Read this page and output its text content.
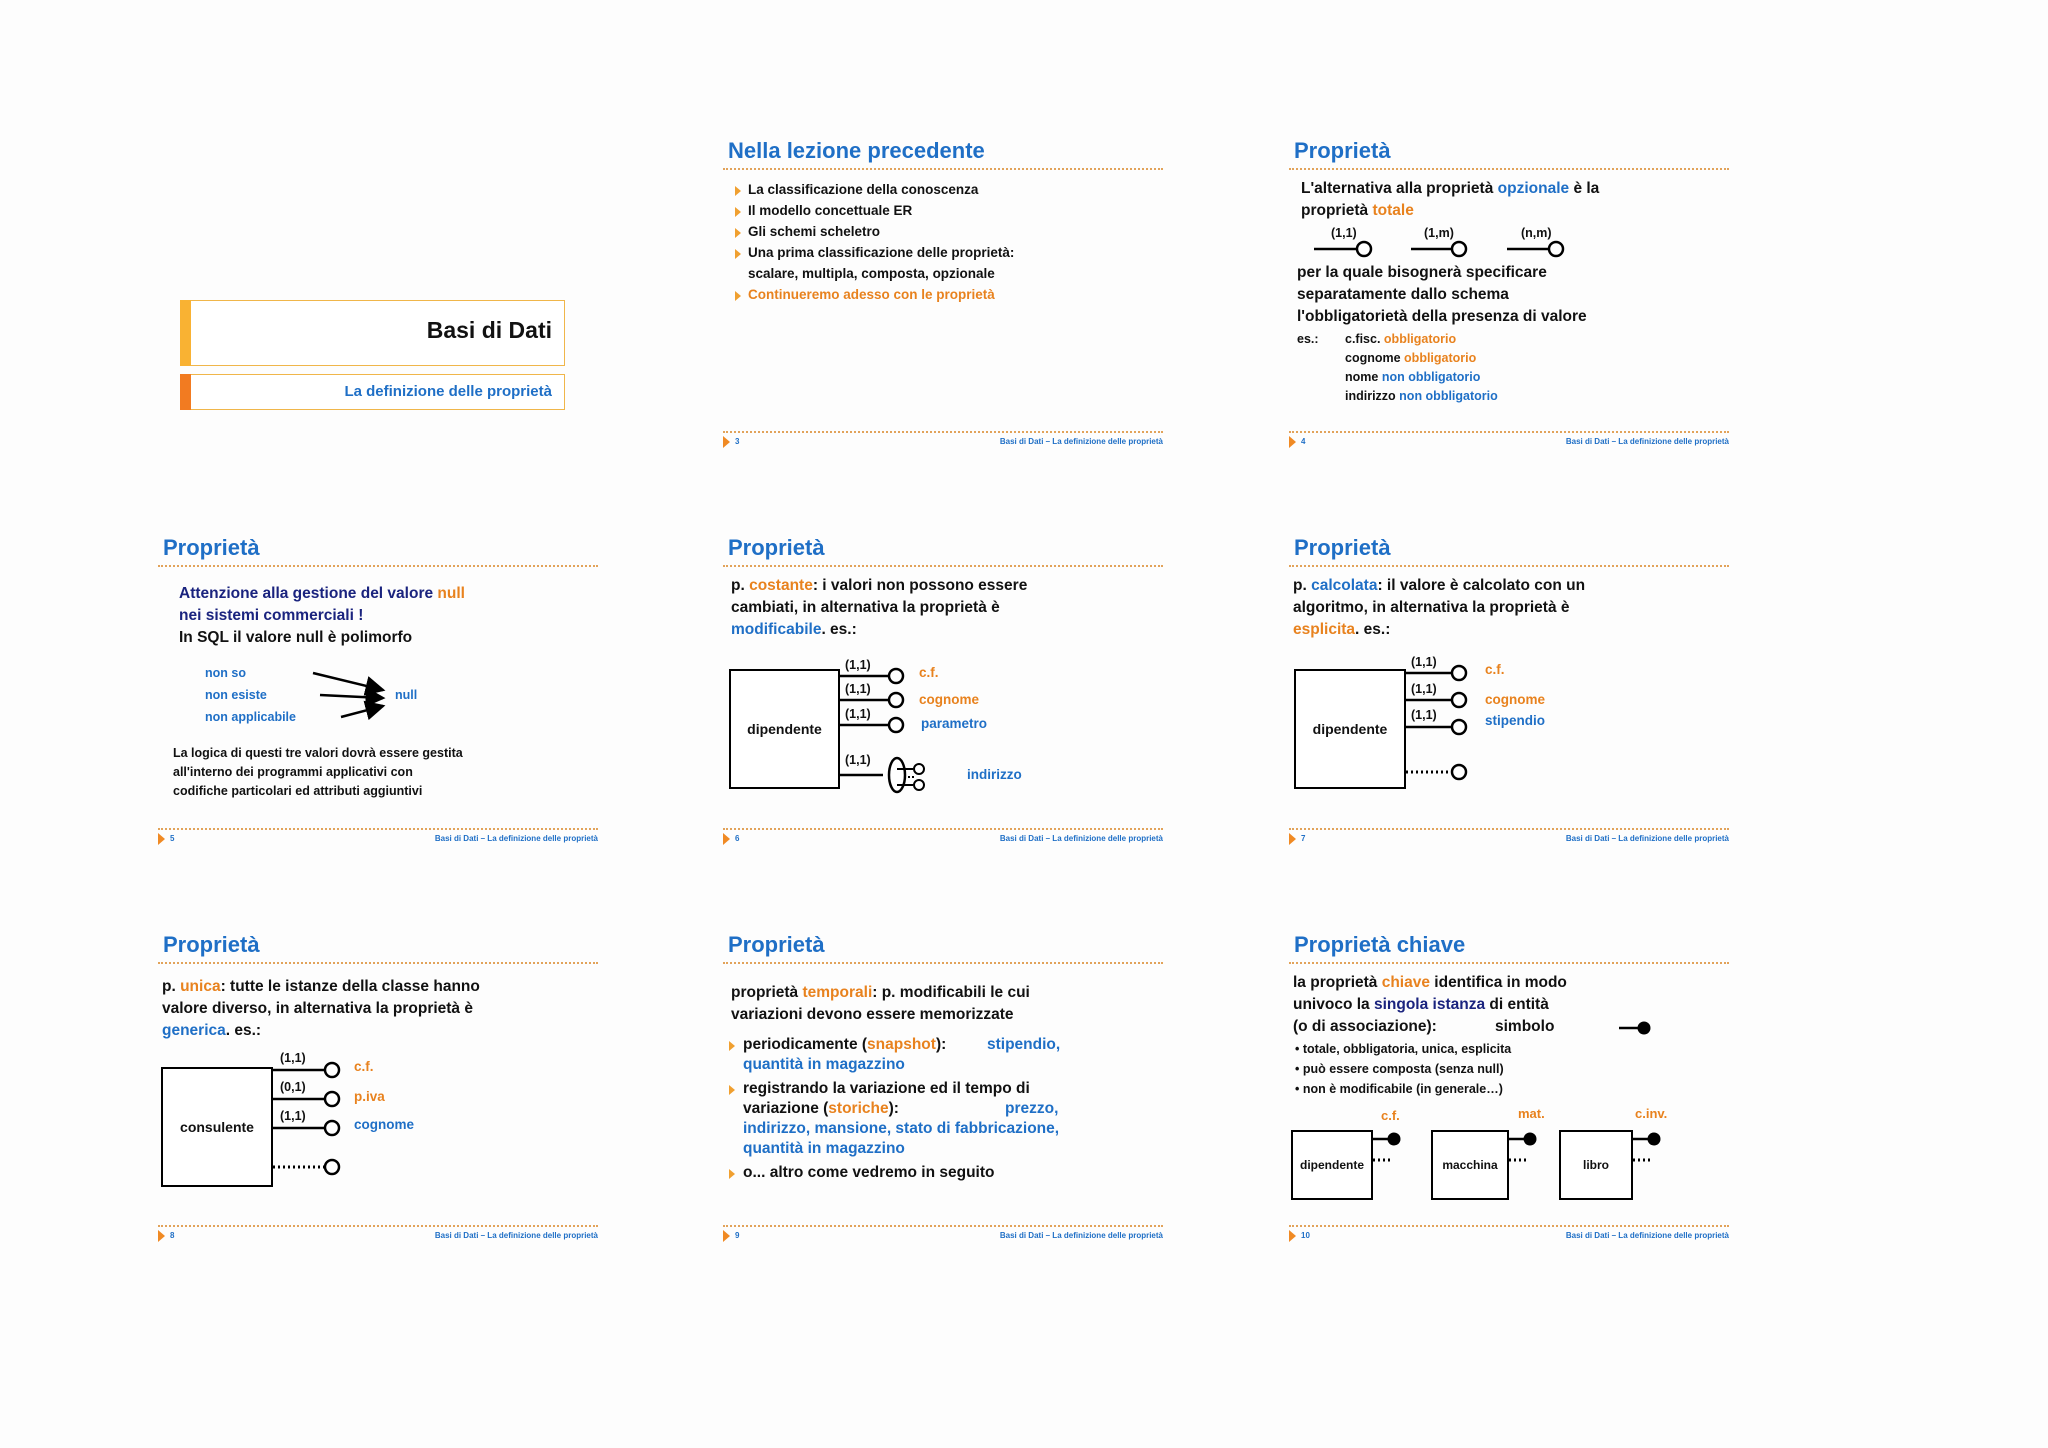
Basi di Dati
La definizione delle proprietà
Nella lezione precedente
La classificazione della conoscenza
Il modello concettuale ER
Gli schemi scheletro
Una prima classificazione delle proprietà:
scalare, multipla, composta, opzionale
Continueremo adesso con le proprietà
3	Basi di Dati – La definizione delle proprietà
Proprietà
L'alternativa alla proprietà opzionale è la
proprietà totale
(1,1)	(1,m)	(n,m)
per la quale bisognerà specificare
separatamente dallo schema
l'obbligatorietà della presenza di valore
es.: c.fisc. obbligatorio
cognome obbligatorio
nome non obbligatorio
indirizzo non obbligatorio
4	Basi di Dati – La definizione delle proprietà
Proprietà
Attenzione alla gestione del valore null
nei sistemi commerciali !
In SQL il valore null è polimorfo
non so
non esiste
non applicabile
null
La logica di questi tre valori dovrà essere gestita
all'interno dei programmi applicativi con
codifiche particolari ed attributi aggiuntivi
5	Basi di Dati – La definizione delle proprietà
Proprietà
p. costante: i valori non possono essere
cambiati, in alternativa la proprietà è
modificabile. es.:
dipendente
(1,1)
(1,1)
(1,1)
(1,1)
c.f.
cognome
parametro
indirizzo
6	Basi di Dati – La definizione delle proprietà
Proprietà
p. calcolata: il valore è calcolato con un
algoritmo, in alternativa la proprietà è
esplicita. es.:
dipendente
(1,1)
(1,1)
(1,1)
c.f.
cognome
stipendio
7	Basi di Dati – La definizione delle proprietà
Proprietà
p. unica: tutte le istanze della classe hanno
valore diverso, in alternativa la proprietà è
generica. es.:
consulente
(1,1)
(0,1)
(1,1)
c.f.
p.iva
cognome
8	Basi di Dati – La definizione delle proprietà
Proprietà
proprietà temporali: p. modificabili le cui
variazioni devono essere memorizzate
periodicamente (snapshot):	stipendio,
quantità in magazzino
registrando la variazione ed il tempo di
variazione (storiche):	prezzo,
indirizzo, mansione, stato di fabbricazione,
quantità in magazzino
o... altro come vedremo in seguito
9	Basi di Dati – La definizione delle proprietà
Proprietà chiave
la proprietà chiave identifica in modo
univoco la singola istanza di entità
(o di associazione):	simbolo
• totale, obbligatoria, unica, esplicita
• può essere composta (senza null)
• non è modificabile (in generale…)
c.f.	mat.	c.inv.
dipendente	macchina	libro
10	Basi di Dati – La definizione delle proprietà
